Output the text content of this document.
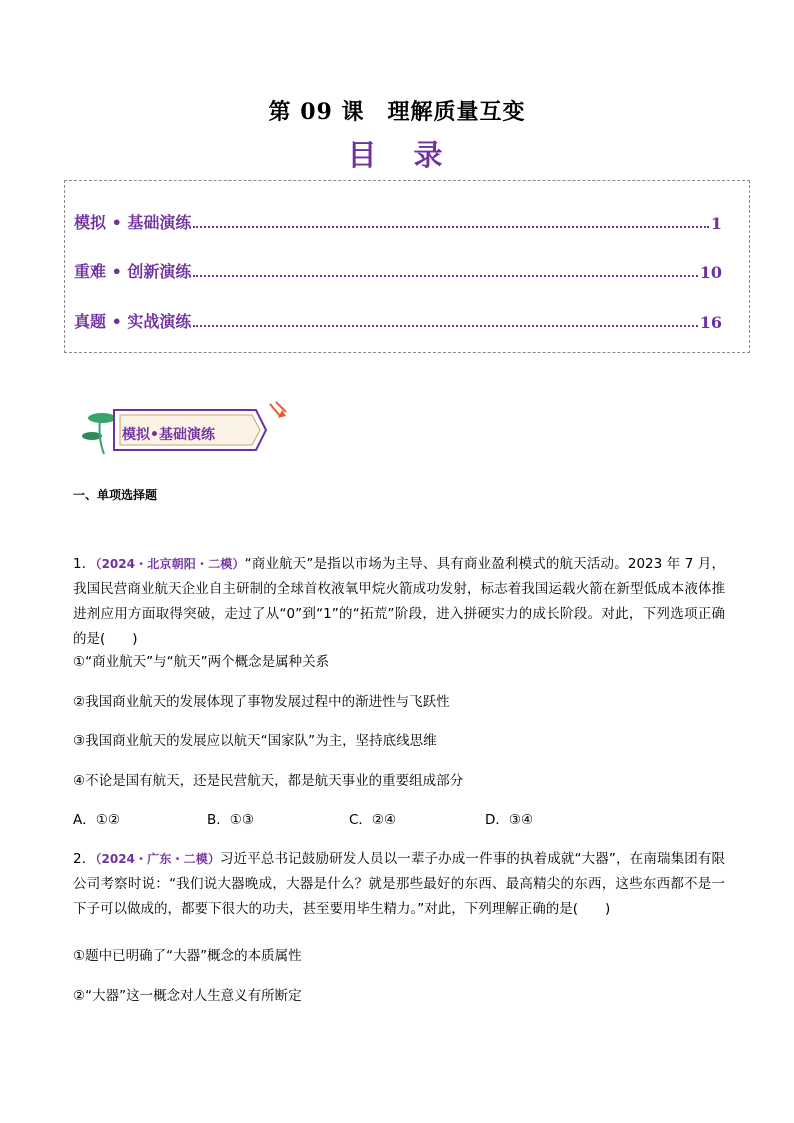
第 09 课　理解质量互变
目　录
模拟 • 基础演练	1
重难 • 创新演练	10
真题 • 实战演练	16
模拟•基础演练
一、单项选择题
1．（2024・北京朝阳・二模）“商业航天”是指以市场为主导、具有商业盈利模式的航天活动。2023 年 7 月，我国民营商业航天企业自主研制的全球首枚液氧甲烷火箭成功发射，标志着我国运载火箭在新型低成本液体推进剂应用方面取得突破，走过了从“0”到“1”的“拓荒”阶段，进入拼硬实力的成长阶段。对此，下列选项正确的是(　　)
①“商业航天”与“航天”两个概念是属种关系
②我国商业航天的发展体现了事物发展过程中的渐进性与飞跃性
③我国商业航天的发展应以航天“国家队”为主，坚持底线思维
④不论是国有航天，还是民营航天，都是航天事业的重要组成部分
A．①②	B．①③	C．②④	D．③④
2．（2024・广东・二模）习近平总书记鼓励研发人员以一辈子办成一件事的执着成就“大器”，在南瑞集团有限公司考察时说：“我们说大器晚成，大器是什么？就是那些最好的东西、最高精尖的东西，这些东西都不是一下子可以做成的，都要下很大的功夫，甚至要用毕生精力。”对此，下列理解正确的是(　　)
①题中已明确了“大器”概念的本质属性
②“大器”这一概念对人生意义有所断定
